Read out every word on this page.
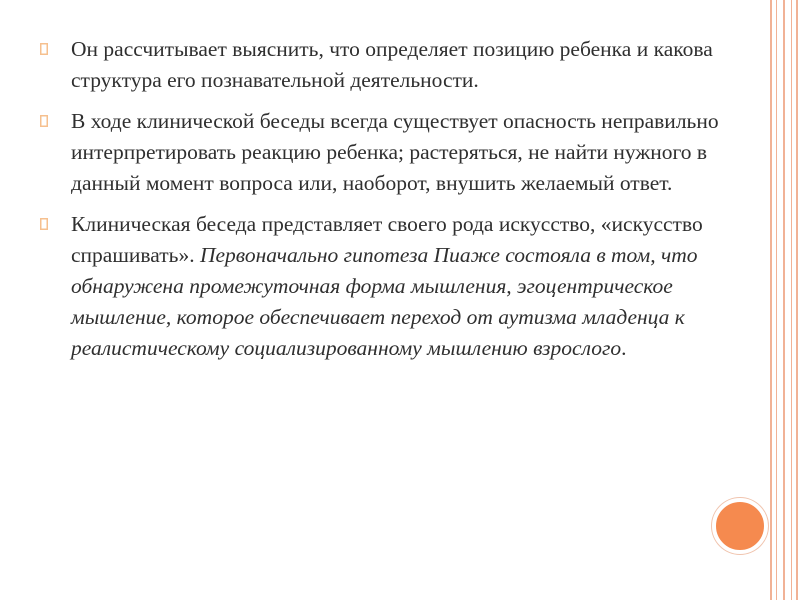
Он рассчитывает выяснить, что определяет позицию ребенка и какова структура его познавательной деятельности.
В ходе клинической беседы всегда существует опасность неправильно интерпретировать реакцию ребенка; растеряться, не найти нужного в данный момент вопроса или, наоборот, внушить желаемый ответ.
Клиническая беседа представляет своего рода искусство, «искусство спрашивать». Первоначально гипотеза Пиаже состояла в том, что обнаружена промежуточная форма мышления, эгоцентрическое мышление, которое обеспечивает переход от аутизма младенца к реалистическому социализированному мышлению взрослого.
